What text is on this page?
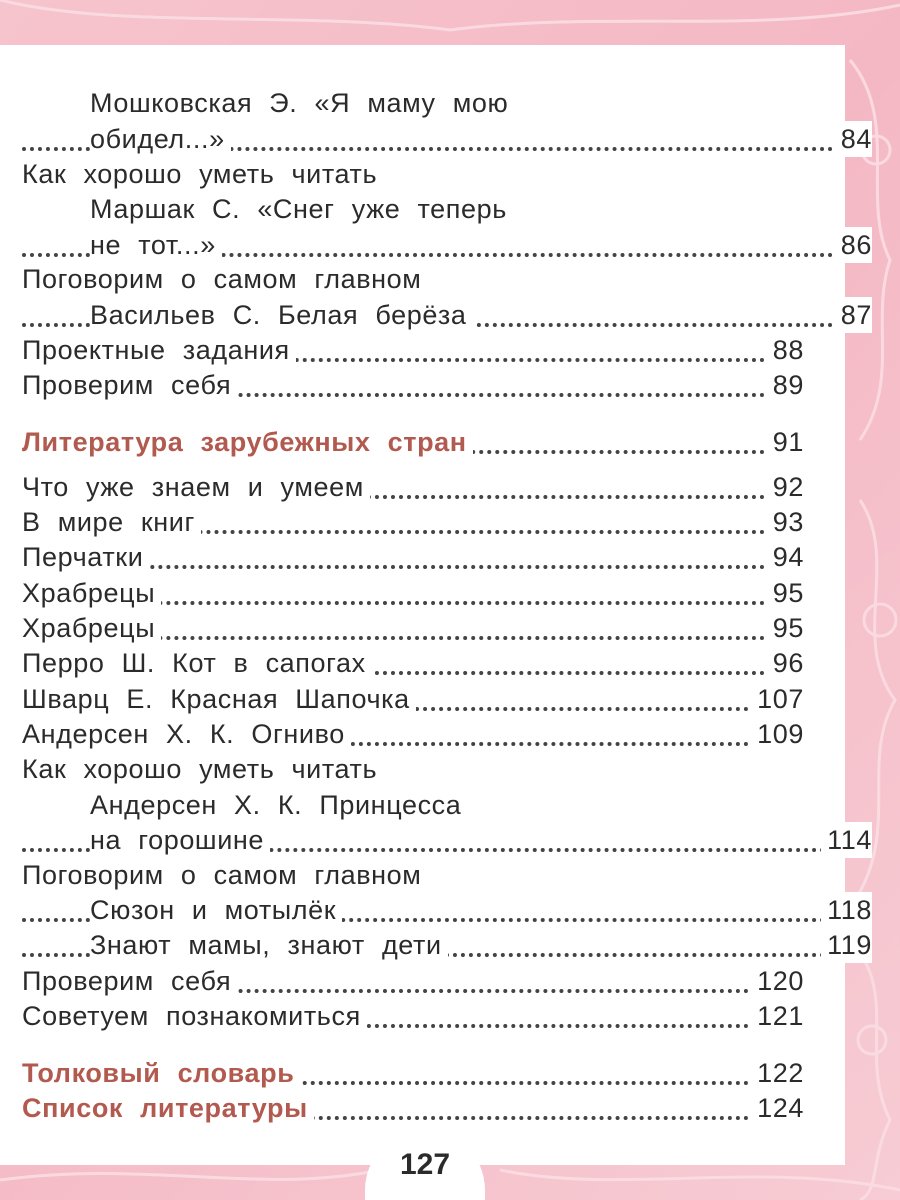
Мошковская Э. «Я маму мою
обидел...»	84
Как хорошо уметь читать
Маршак С. «Снег уже теперь
не тот...»	86
Поговорим о самом главном
Васильев С. Белая берёза	87
Проектные задания	88
Проверим себя	89
Литература зарубежных стран	91
Что уже знаем и умеем	92
В мире книг	93
Перчатки	94
Храбрецы	95
Храбрецы	95
Перро Ш. Кот в сапогах	96
Шварц Е. Красная Шапочка	107
Андерсен Х. К. Огниво	109
Как хорошо уметь читать
Андерсен Х. К. Принцесса
на горошине	114
Поговорим о самом главном
Сюзон и мотылёк	118
Знают мамы, знают дети	119
Проверим себя	120
Советуем познакомиться	121
Толковый словарь	122
Список литературы	124
127
